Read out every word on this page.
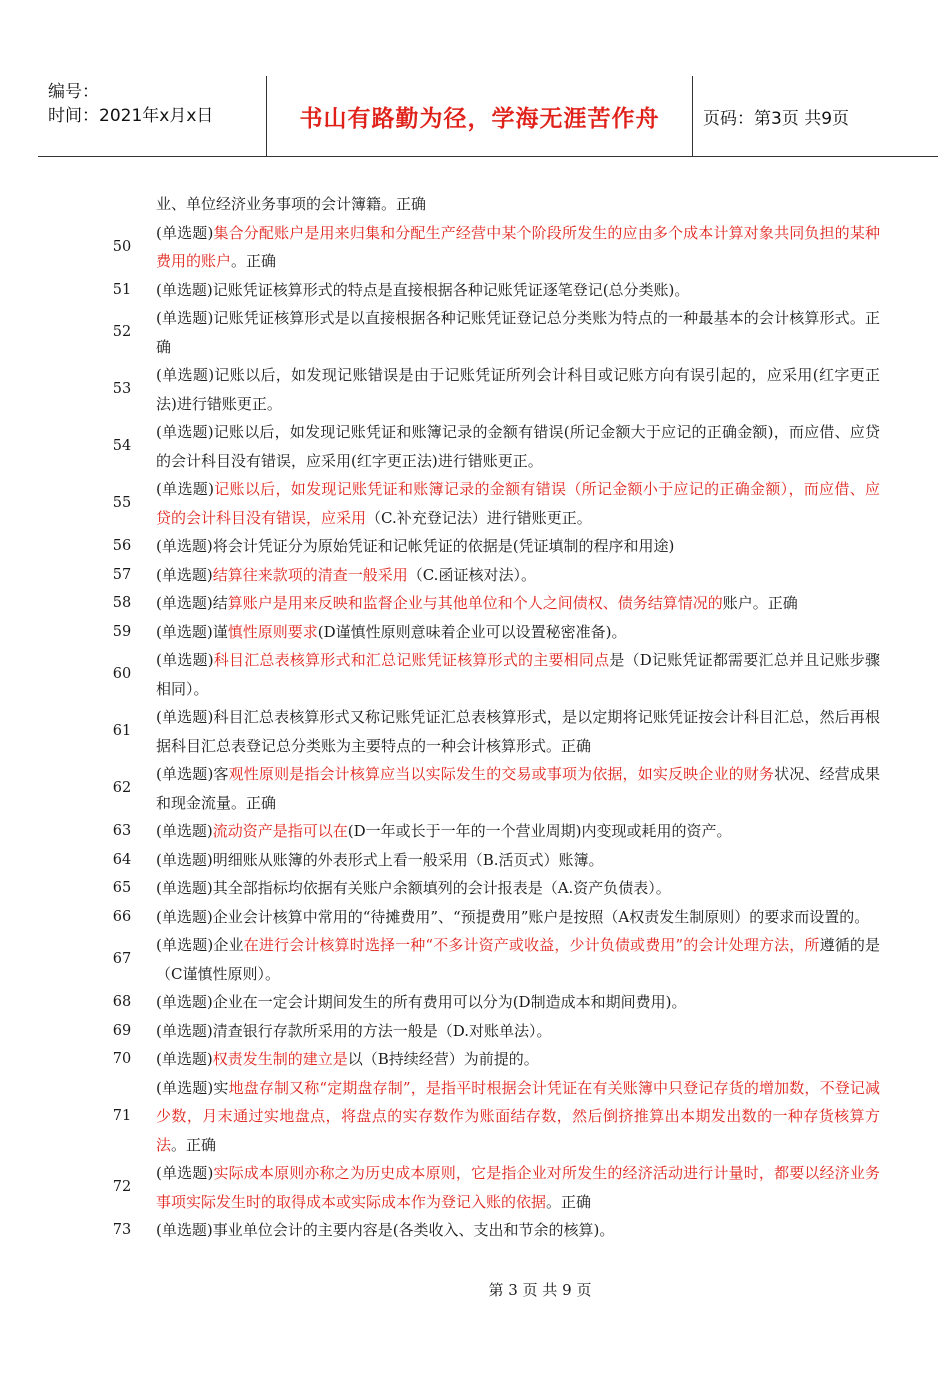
编号：
时间：2021年x月x日	书山有路勤为径，学海无涯苦作舟	页码：第3页 共9页
业、单位经济业务事项的会计簿籍。正确
50
(单选题)集合分配账户是用来归集和分配生产经营中某个阶段所发生的应由多个成本计算对象共同负担的某种费用的账户。正确
51	(单选题)记账凭证核算形式的特点是直接根据各种记账凭证逐笔登记(总分类账)。
52
(单选题)记账凭证核算形式是以直接根据各种记账凭证登记总分类账为特点的一种最基本的会计核算形式。正确
53
(单选题)记账以后，如发现记账错误是由于记账凭证所列会计科目或记账方向有误引起的，应采用(红字更正法)进行错账更正。
54
(单选题)记账以后，如发现记账凭证和账簿记录的金额有错误(所记金额大于应记的正确金额)，而应借、应贷的会计科目没有错误，应采用(红字更正法)进行错账更正。
55
(单选题)记账以后，如发现记账凭证和账簿记录的金额有错误（所记金额小于应记的正确金额），而应借、应贷的会计科目没有错误，应采用（C.补充登记法）进行错账更正。
56	(单选题)将会计凭证分为原始凭证和记帐凭证的依据是(凭证填制的程序和用途)
57	(单选题)结算往来款项的清查一般采用（C.函证核对法）。
58	(单选题)结算账户是用来反映和监督企业与其他单位和个人之间债权、债务结算情况的账户。正确
59	(单选题)谨慎性原则要求(D谨慎性原则意味着企业可以设置秘密准备)。
60
(单选题)科目汇总表核算形式和汇总记账凭证核算形式的主要相同点是（D记账凭证都需要汇总并且记账步骤相同）。
61
(单选题)科目汇总表核算形式又称记账凭证汇总表核算形式，是以定期将记账凭证按会计科目汇总，然后再根据科目汇总表登记总分类账为主要特点的一种会计核算形式。正确
62
(单选题)客观性原则是指会计核算应当以实际发生的交易或事项为依据，如实反映企业的财务状况、经营成果和现金流量。正确
63	(单选题)流动资产是指可以在(D一年或长于一年的一个营业周期)内变现或耗用的资产。
64	(单选题)明细账从账簿的外表形式上看一般采用（B.活页式）账簿。
65	(单选题)其全部指标均依据有关账户余额填列的会计报表是（A.资产负债表）。
66	(单选题)企业会计核算中常用的“待摊费用”、“预提费用”账户是按照（A权责发生制原则）的要求而设置的。
67
(单选题)企业在进行会计核算时选择一种“不多计资产或收益，少计负债或费用”的会计处理方法，所遵循的是（C谨慎性原则）。
68	(单选题)企业在一定会计期间发生的所有费用可以分为(D制造成本和期间费用)。
69	(单选题)清查银行存款所采用的方法一般是（D.对账单法）。
70	(单选题)权责发生制的建立是以（B持续经营）为前提的。
71
(单选题)实地盘存制又称“定期盘存制”，是指平时根据会计凭证在有关账簿中只登记存货的增加数，不登记减少数，月末通过实地盘点，将盘点的实存数作为账面结存数，然后倒挤推算出本期发出数的一种存货核算方法。正确
72
(单选题)实际成本原则亦称之为历史成本原则，它是指企业对所发生的经济活动进行计量时，都要以经济业务事项实际发生时的取得成本或实际成本作为登记入账的依据。正确
73	(单选题)事业单位会计的主要内容是(各类收入、支出和节余的核算)。
第 3 页 共 9 页
